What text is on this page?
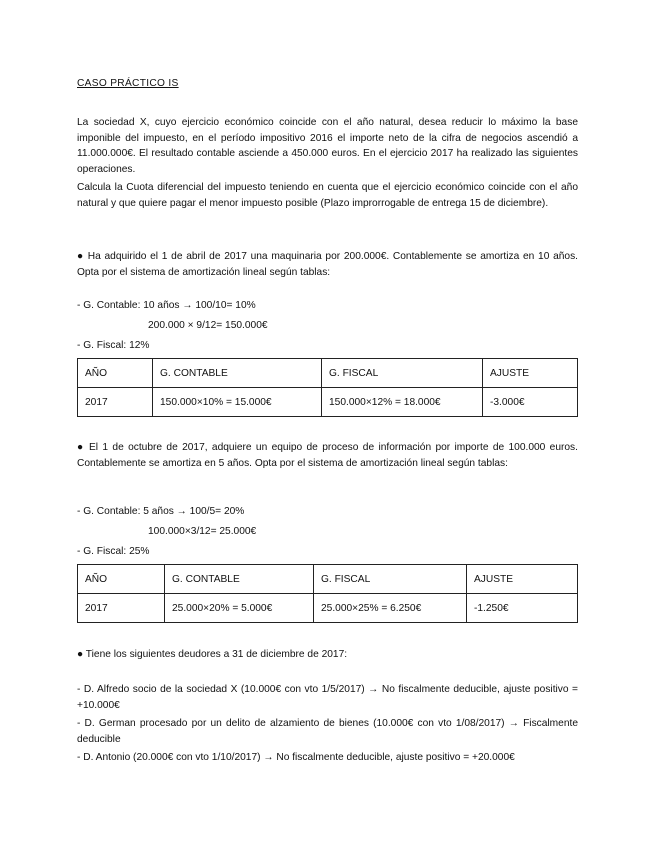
CASO PRÁCTICO IS
La sociedad X, cuyo ejercicio económico coincide con el año natural, desea reducir lo máximo la base imponible del impuesto, en el período impositivo 2016 el importe neto de la cifra de negocios ascendió a 11.000.000€. El resultado contable asciende a 450.000 euros. En el ejercicio 2017 ha realizado las siguientes operaciones.
Calcula la Cuota diferencial del impuesto teniendo en cuenta que el ejercicio económico coincide con el año natural y que quiere pagar el menor impuesto posible (Plazo improrrogable de entrega 15 de diciembre).
● Ha adquirido el 1 de abril de 2017 una maquinaria por 200.000€. Contablemente se amortiza en 10 años. Opta por el sistema de amortización lineal según tablas:
- G. Contable: 10 años → 100/10= 10%
200.000 × 9/12= 150.000€
- G. Fiscal: 12%
AÑO	G. CONTABLE	G. FISCAL	AJUSTE
2017	150.000×10% = 15.000€	150.000×12% = 18.000€	-3.000€
● El 1 de octubre de 2017, adquiere un equipo de proceso de información por importe de 100.000 euros. Contablemente se amortiza en 5 años. Opta por el sistema de amortización lineal según tablas:
- G. Contable: 5 años → 100/5= 20%
100.000×3/12= 25.000€
- G. Fiscal: 25%
AÑO	G. CONTABLE	G. FISCAL	AJUSTE
2017	25.000×20% = 5.000€	25.000×25% = 6.250€	-1.250€
● Tiene los siguientes deudores a 31 de diciembre de 2017:
- D. Alfredo socio de la sociedad X (10.000€ con vto 1/5/2017) → No fiscalmente deducible, ajuste positivo = +10.000€
- D. German procesado por un delito de alzamiento de bienes (10.000€ con vto 1/08/2017) → Fiscalmente deducible
- D. Antonio (20.000€ con vto 1/10/2017) → No fiscalmente deducible, ajuste positivo = +20.000€
